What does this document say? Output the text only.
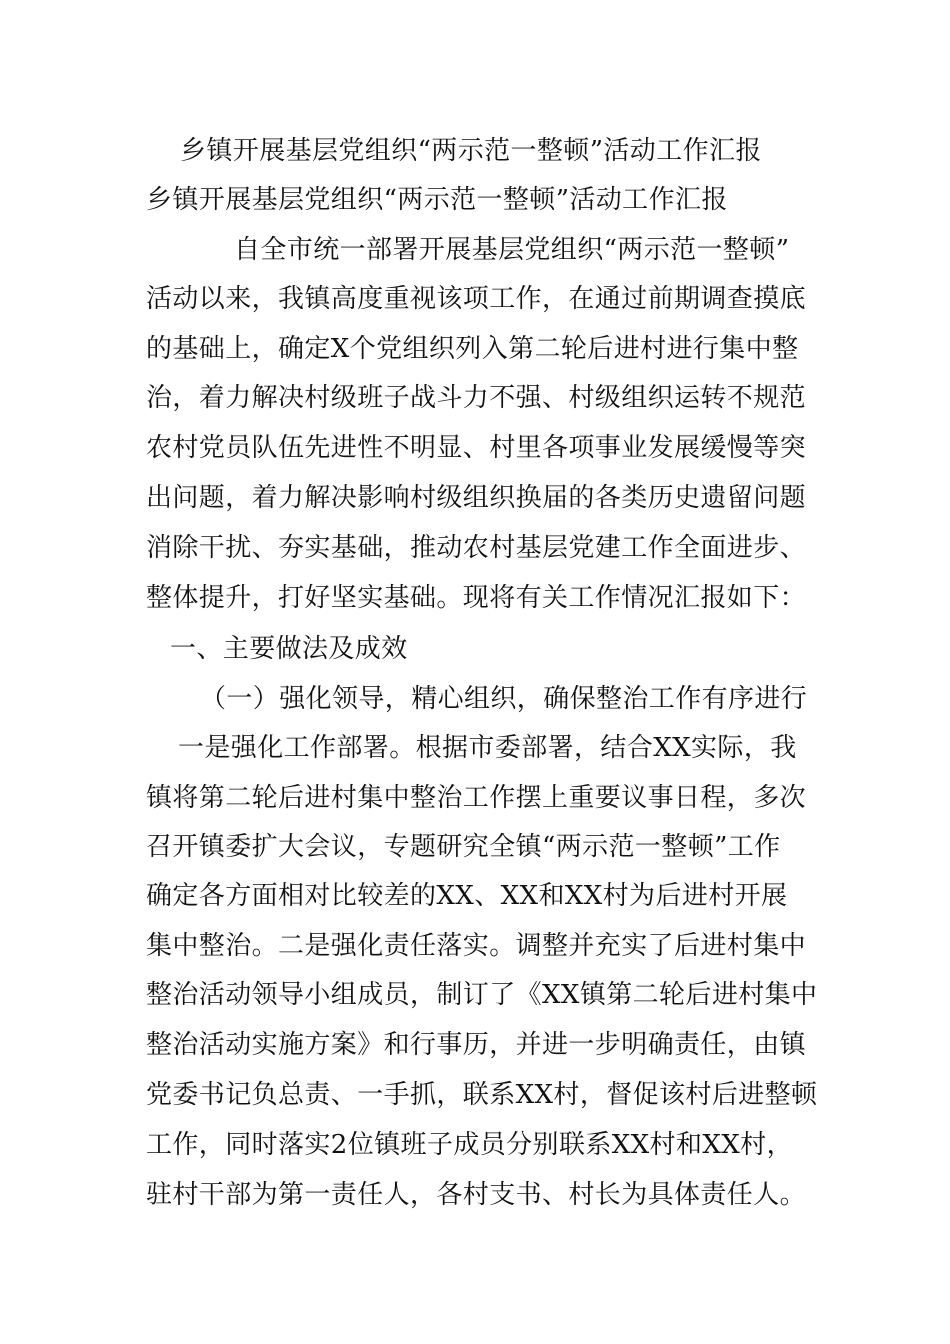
乡镇开展基层党组织“两示范一整顿”活动工作汇报
乡镇开展基层党组织“两示范一整顿”活动工作汇报
自全市统一部署开展基层党组织“两示范一整顿”
活动以来，我镇高度重视该项工作，在通过前期调查摸底
的基础上，确定X个党组织列入第二轮后进村进行集中整
治，着力解决村级班子战斗力不强、村级组织运转不规范
农村党员队伍先进性不明显、村里各项事业发展缓慢等突
出问题，着力解决影响村级组织换届的各类历史遗留问题
消除干扰、夯实基础，推动农村基层党建工作全面进步、
整体提升，打好坚实基础。现将有关工作情况汇报如下：
一、主要做法及成效
（一）强化领导，精心组织，确保整治工作有序进行
一是强化工作部署。根据市委部署，结合XX实际，我
镇将第二轮后进村集中整治工作摆上重要议事日程，多次
召开镇委扩大会议，专题研究全镇“两示范一整顿”工作
确定各方面相对比较差的XX、XX和XX村为后进村开展
集中整治。二是强化责任落实。调整并充实了后进村集中
整治活动领导小组成员，制订了《XX镇第二轮后进村集中
整治活动实施方案》和行事历，并进一步明确责任，由镇
党委书记负总责、一手抓，联系XX村，督促该村后进整顿
工作，同时落实2位镇班子成员分别联系XX村和XX村，
驻村干部为第一责任人，各村支书、村长为具体责任人。
